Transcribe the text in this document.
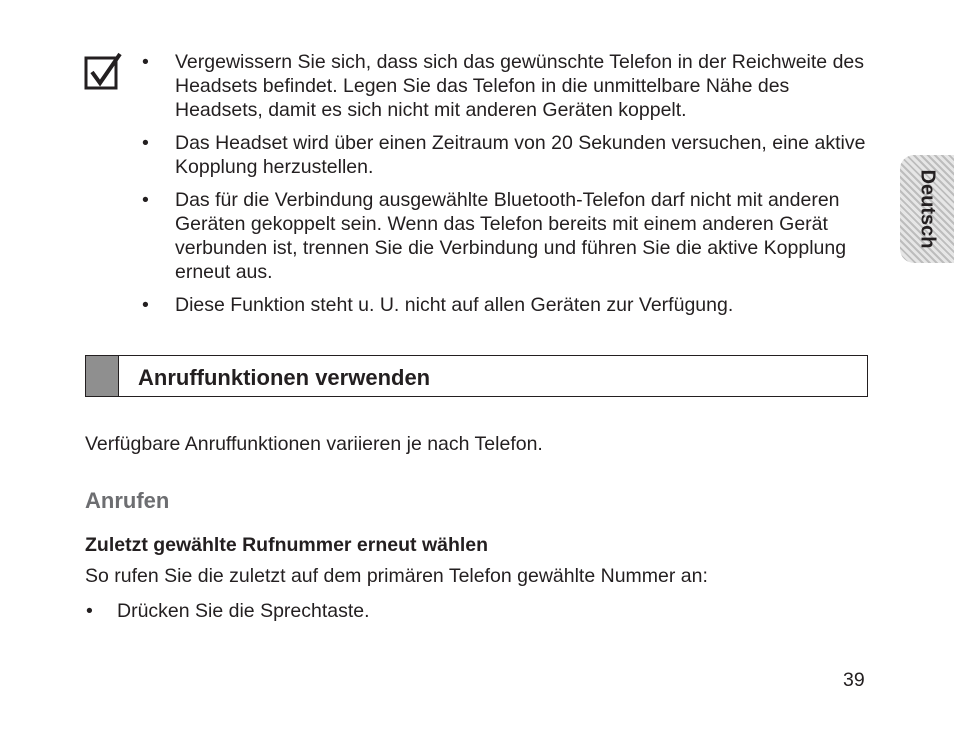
• Vergewissern Sie sich, dass sich das gewünschte Telefon in der Reichweite des Headsets befindet. Legen Sie das Telefon in die unmittelbare Nähe des Headsets, damit es sich nicht mit anderen Geräten koppelt.
• Das Headset wird über einen Zeitraum von 20 Sekunden versuchen, eine aktive Kopplung herzustellen.
• Das für die Verbindung ausgewählte Bluetooth-Telefon darf nicht mit anderen Geräten gekoppelt sein. Wenn das Telefon bereits mit einem anderen Gerät verbunden ist, trennen Sie die Verbindung und führen Sie die aktive Kopplung erneut aus.
• Diese Funktion steht u. U. nicht auf allen Geräten zur Verfügung.
Anruffunktionen verwenden
Verfügbare Anruffunktionen variieren je nach Telefon.
Anrufen
Zuletzt gewählte Rufnummer erneut wählen
So rufen Sie die zuletzt auf dem primären Telefon gewählte Nummer an:
• Drücken Sie die Sprechtaste.
39
Deutsch
